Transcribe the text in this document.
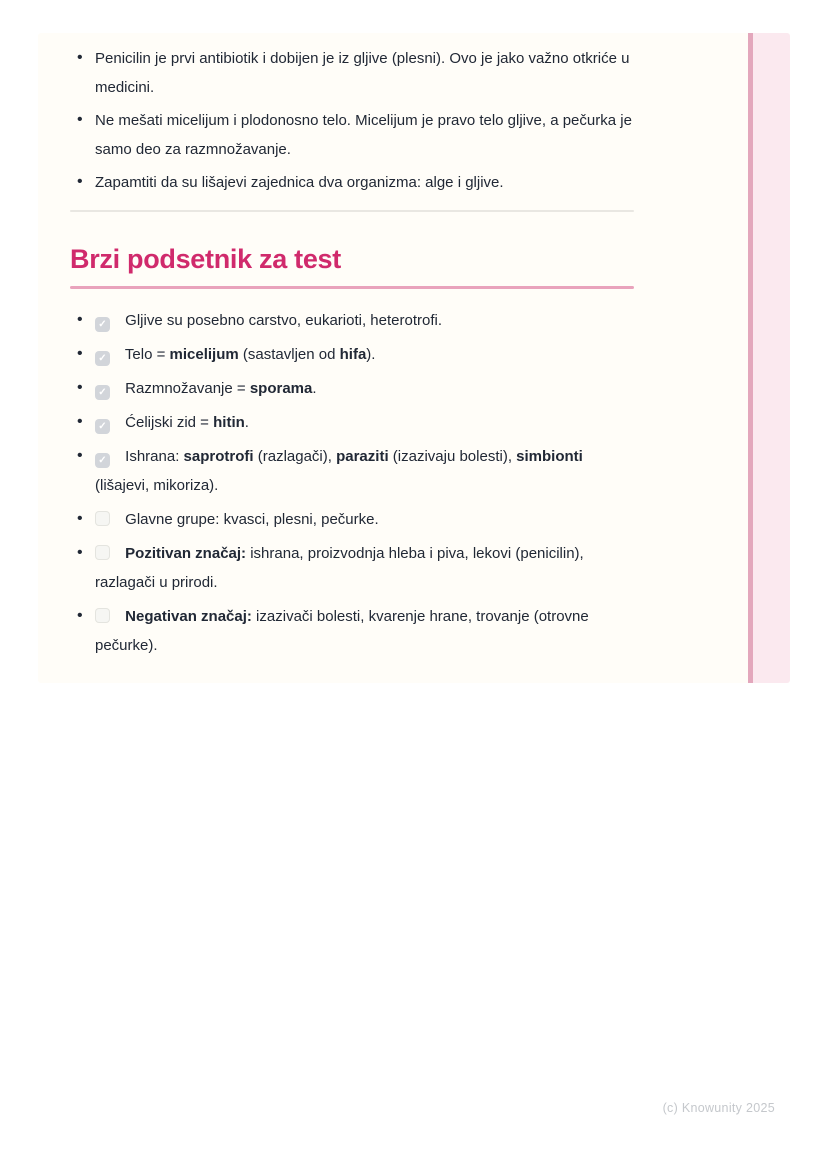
• Penicilin je prvi antibiotik i dobijen je iz gljive (plesni). Ovo je jako važno otkriće u medicini.
• Ne mešati micelijum i plodonosno telo. Micelijum je pravo telo gljive, a pečurka je samo deo za razmnožavanje.
• Zapamtiti da su lišajevi zajednica dva organizma: alge i gljive.
Brzi podsetnik za test
• ✓ Gljive su posebno carstvo, eukarioti, heterotrofi.
• ✓ Telo = micelijum (sastavljen od hifa).
• ✓ Razmnožavanje = sporama.
• ✓ Ćelijski zid = hitin.
• ✓ Ishrana: saprotrofi (razlagači), paraziti (izazivaju bolesti), simbionti (lišajevi, mikoriza).
•	Glavne grupe: kvasci, plesni, pečurke.
•	Pozitivan značaj: ishrana, proizvodnja hleba i piva, lekovi (penicilin), razlagači u prirodi.
•	Negativan značaj: izazivači bolesti, kvarenje hrane, trovanje (otrovne pečurke).
(c) Knowunity 2025
